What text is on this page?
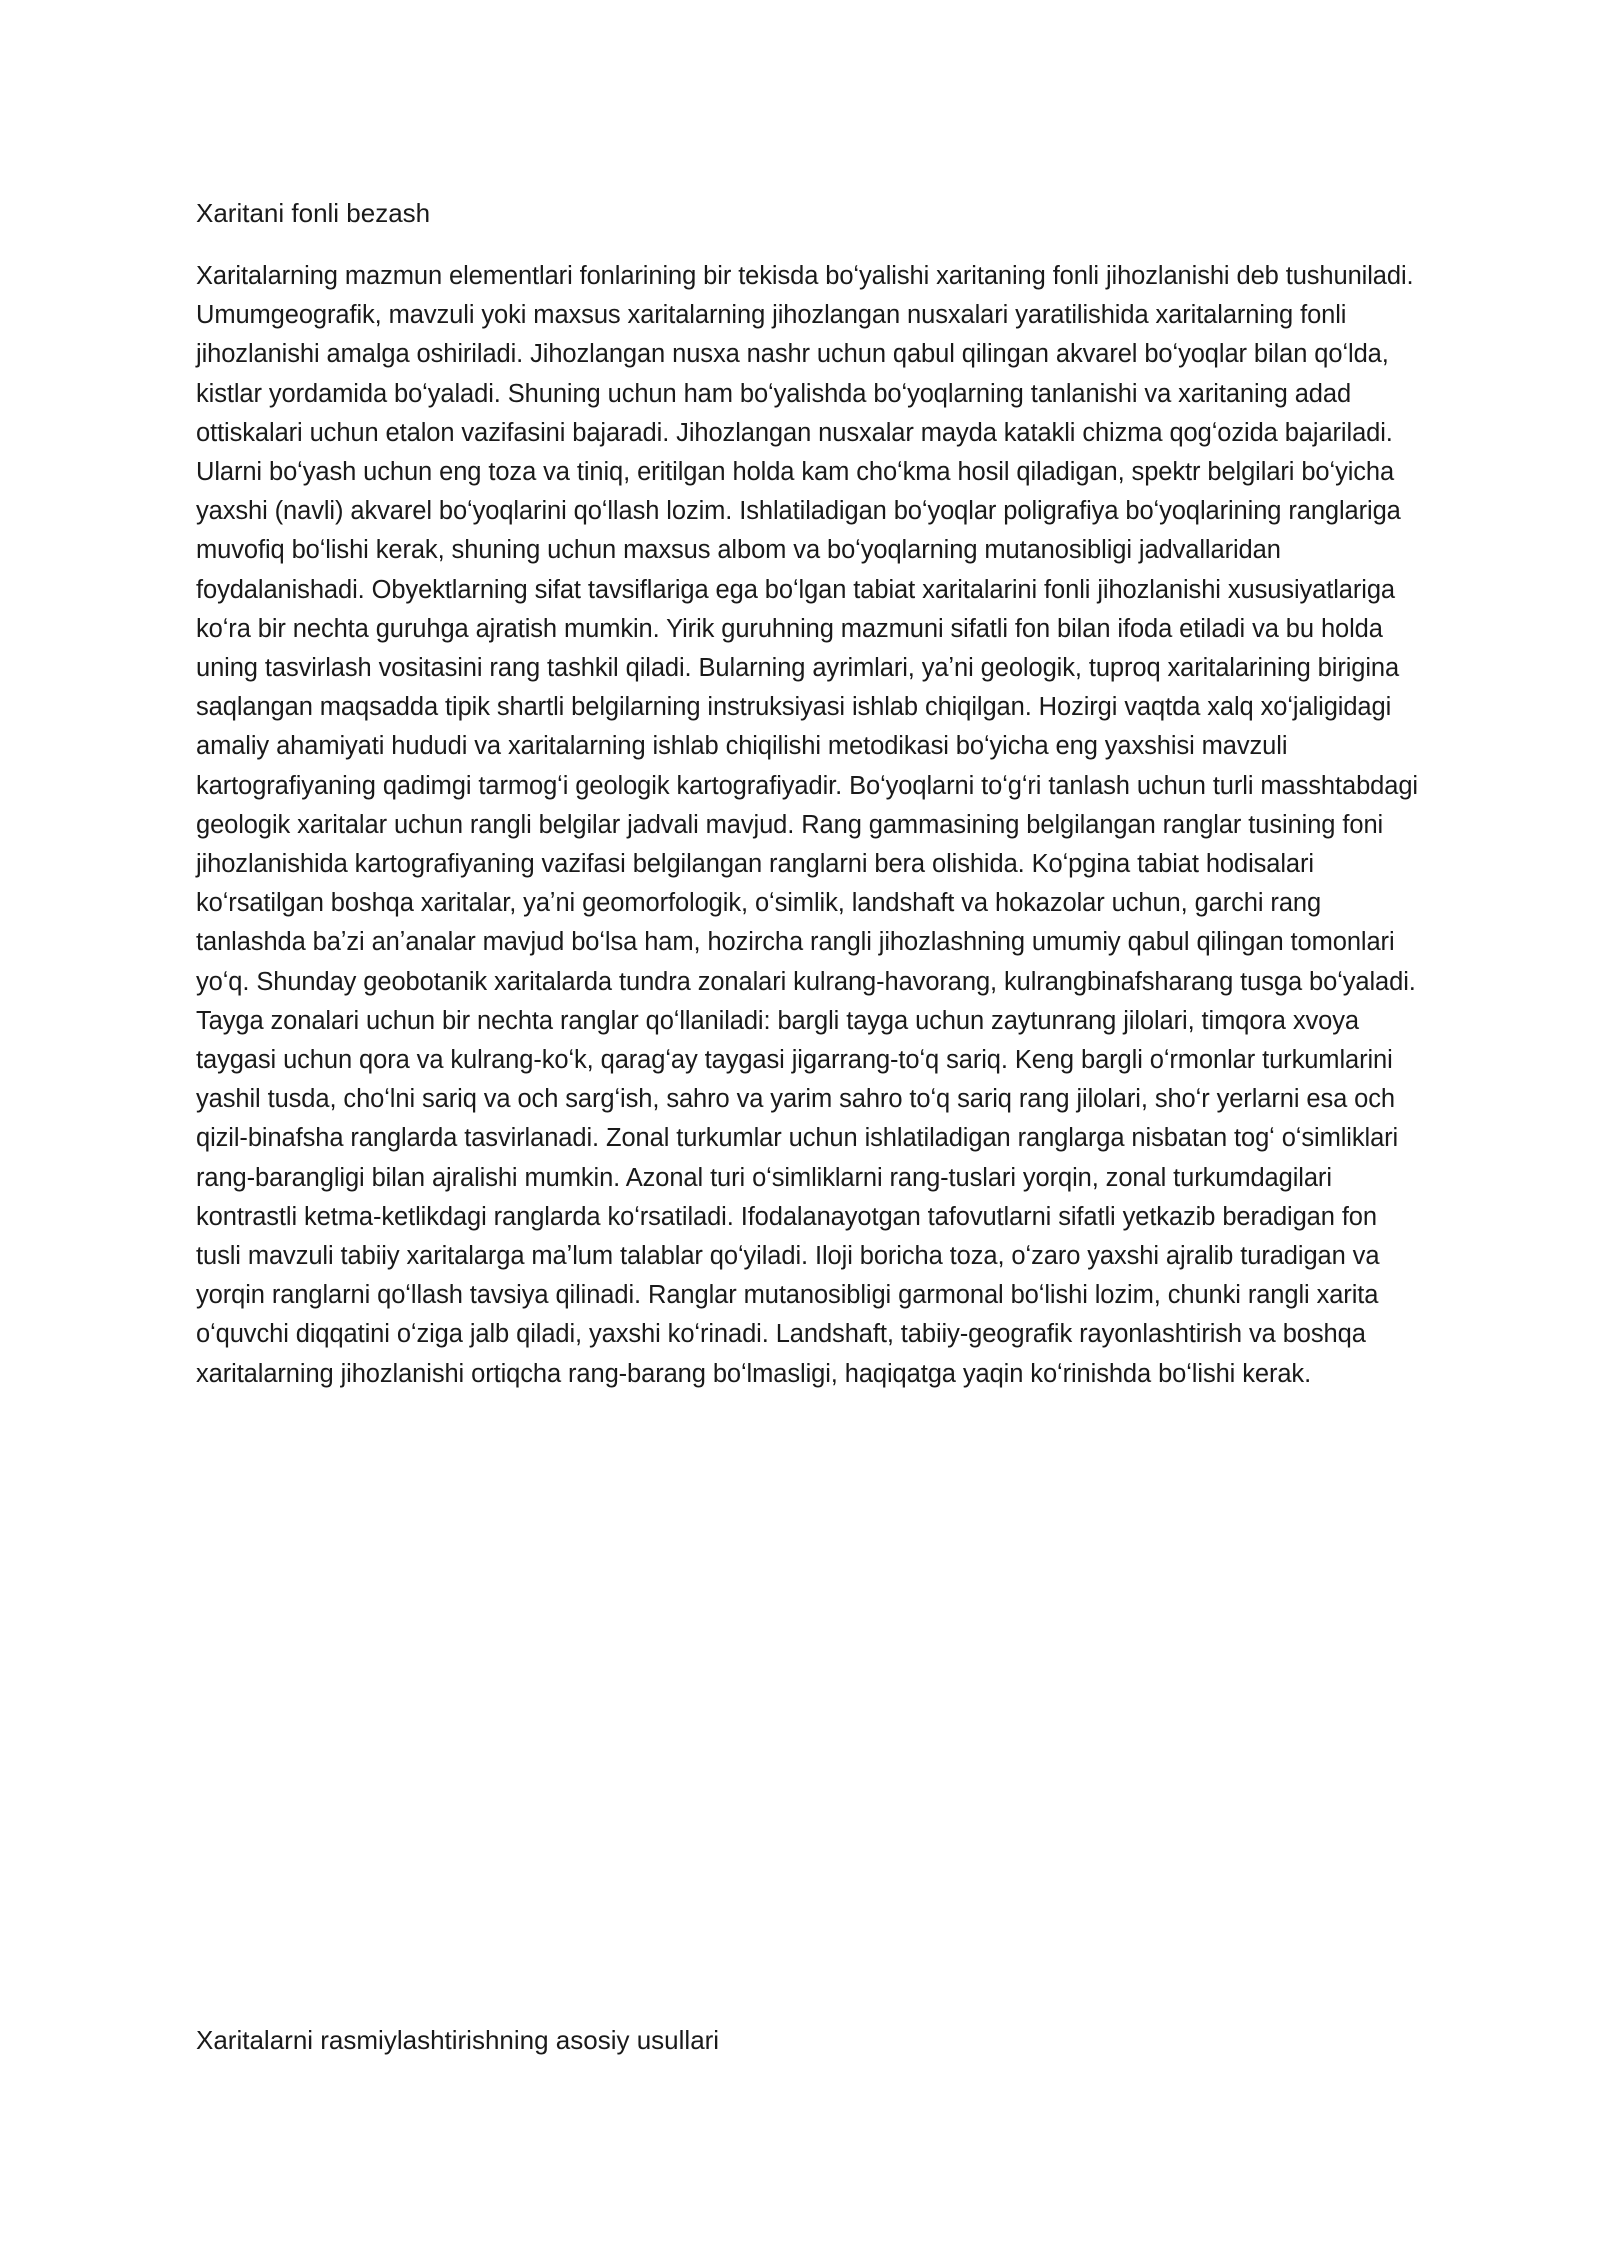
Xaritani fonli bezash

Xaritalarning mazmun elementlari fonlarining bir tekisda boʻyalishi xaritaning fonli jihozlanishi deb tushuniladi. Umumgeografik, mavzuli yoki maxsus xaritalarning jihozlangan nusxalari yaratilishida xaritalarning fonli jihozlanishi amalga oshiriladi. Jihozlangan nusxa nashr uchun qabul qilingan akvarel boʻyoqlar bilan qoʻlda, kistlar yordamida boʻyaladi. Shuning uchun ham boʻyalishda boʻyoqlarning tanlanishi va xaritaning adad ottiskalari uchun etalon vazifasini bajaradi. Jihozlangan nusxalar mayda katakli chizma qogʻozida bajariladi. Ularni boʻyash uchun eng toza va tiniq, eritilgan holda kam choʻkma hosil qiladigan, spektr belgilari boʻyicha yaxshi (navli) akvarel boʻyoqlarini qoʻllash lozim. Ishlatiladigan boʻyoqlar poligrafiya boʻyoqlarining ranglariga muvofiq boʻlishi kerak, shuning uchun maxsus albom va boʻyoqlarning mutanosibligi jadvallaridan foydalanishadi. Obyektlarning sifat tavsiflariga ega boʻlgan tabiat xaritalarini fonli jihozlanishi xususiyatlariga koʻra bir nechta guruhga ajratish mumkin. Yirik guruhning mazmuni sifatli fon bilan ifoda etiladi va bu holda uning tasvirlash vositasini rang tashkil qiladi. Bularning ayrimlari, yaʼni geologik, tuproq xaritalarining birigina saqlangan maqsadda tipik shartli belgilarning instruksiyasi ishlab chiqilgan. Hozirgi vaqtda xalq xoʻjaligidagi amaliy ahamiyati hududi va xaritalarning ishlab chiqilishi metodikasi boʻyicha eng yaxshisi mavzuli kartografiyaning qadimgi tarmogʻi geologik kartografiyadir. Boʻyoqlarni toʻgʻri tanlash uchun turli masshtabdagi geologik xaritalar uchun rangli belgilar jadvali mavjud. Rang gammasining belgilangan ranglar tusining foni jihozlanishida kartografiyaning vazifasi belgilangan ranglarni bera olishida. Koʻpgina tabiat hodisalari koʻrsatilgan boshqa xaritalar, yaʼni geomorfologik, oʻsimlik, landshaft va hokazolar uchun, garchi rang tanlashda baʼzi anʼanalar mavjud boʻlsa ham, hozircha rangli jihozlashning umumiy qabul qilingan tomonlari yoʻq. Shunday geobotanik xaritalarda tundra zonalari kulrang-havorang, kulrangbinafsharang tusga boʻyaladi. Tayga zonalari uchun bir nechta ranglar qoʻllaniladi: bargli tayga uchun zaytunrang jilolari, timqora xvoya taygasi uchun qora va kulrang-koʻk, qaragʻay taygasi jigarrang-toʻq sariq. Keng bargli oʻrmonlar turkumlarini yashil tusda, choʻlni sariq va och sargʻish, sahro va yarim sahro toʻq sariq rang jilolari, shoʻr yerlarni esa och qizil-binafsha ranglarda tasvirlanadi. Zonal turkumlar uchun ishlatiladigan ranglarga nisbatan togʻ oʻsimliklari rang-barangligi bilan ajralishi mumkin. Azonal turi oʻsimliklarni rang-tuslari yorqin, zonal turkumdagilari kontrastli ketma-ketlikdagi ranglarda koʻrsatiladi. Ifodalanayotgan tafovutlarni sifatli yetkazib beradigan fon tusli mavzuli tabiiy xaritalarga maʼlum talablar qoʻyiladi. Iloji boricha toza, oʻzaro yaxshi ajralib turadigan va yorqin ranglarni qoʻllash tavsiya qilinadi. Ranglar mutanosibligi garmonal boʻlishi lozim, chunki rangli xarita oʻquvchi diqqatini oʻziga jalb qiladi, yaxshi koʻrinadi. Landshaft, tabiiy-geografik rayonlashtirish va boshqa xaritalarning jihozlanishi ortiqcha rang-barang boʻlmasligi, haqiqatga yaqin koʻrinishda boʻlishi kerak.

Xaritalarni rasmiylashtirishning asosiy usullari
